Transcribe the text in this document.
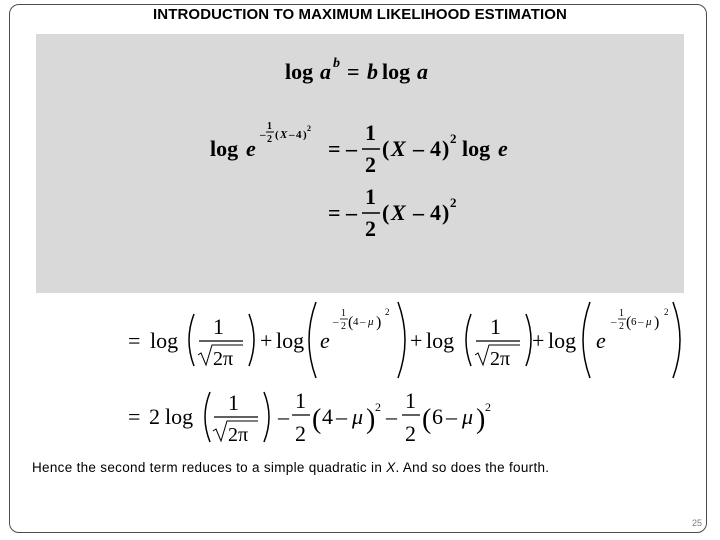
INTRODUCTION TO MAXIMUM LIKELIHOOD ESTIMATION
log a b = b log a
log e
–
1
2 ( X – 4 )
2
= –
1
2
( X – 4 ) 2 log e
= –
1
2
( X – 4 ) 2
= log
1
2π
+ log e
–
1
2 ( 4 – μ )
2
+ log
1
2π
+ log e
–
1
2 ( 6 – μ )
2
= 2 log
1
2π
–
1
2 ( 4 – μ ) 2 –
1
2 ( 6 – μ ) 2
Hence the second term reduces to a simple quadratic in X. And so does the fourth.
25
